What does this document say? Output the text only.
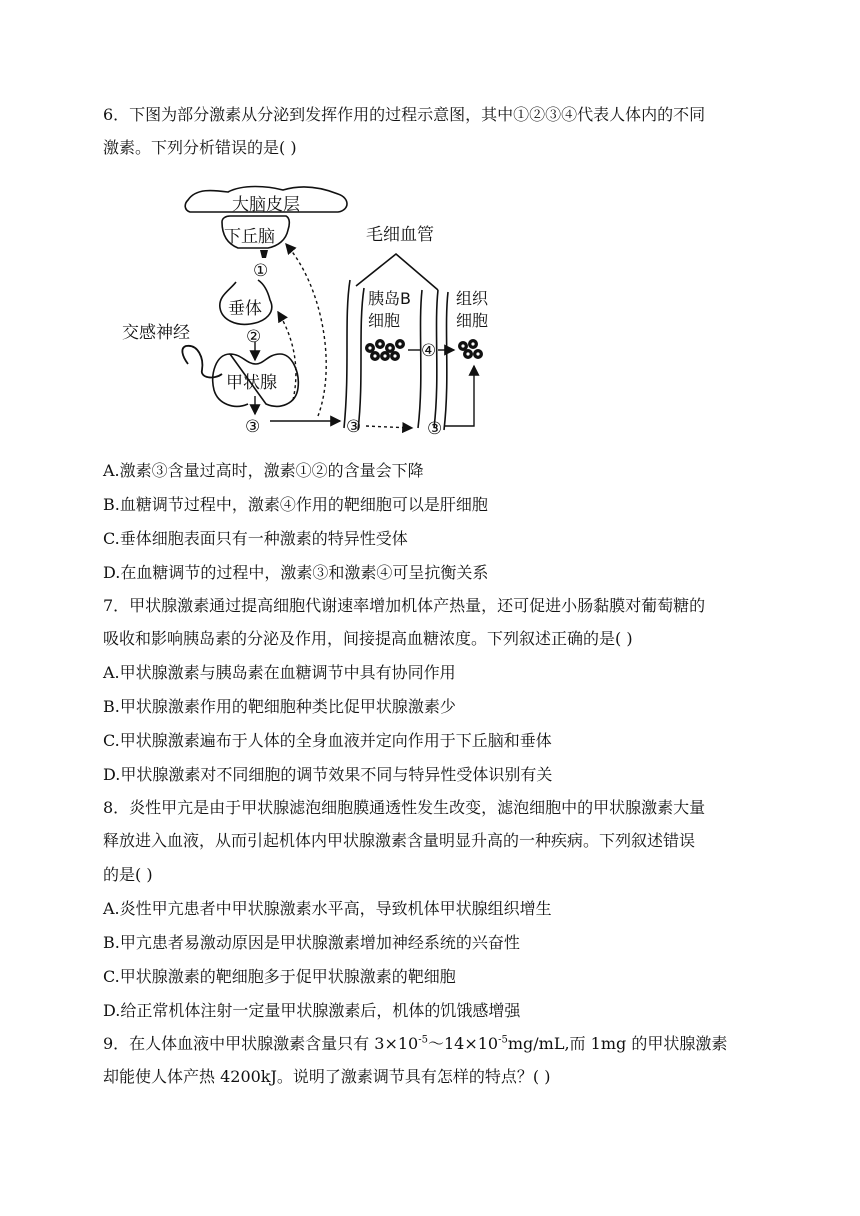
6．下图为部分激素从分泌到发挥作用的过程示意图，其中①②③④代表人体内的不同
激素。下列分析错误的是( )
大脑皮层
下丘脑
①
垂体
②
交感神经
甲状腺
③
毛细血管
胰岛B
细胞
④
组织
细胞
③	③
A.激素③含量过高时，激素①②的含量会下降
B.血糖调节过程中，激素④作用的靶细胞可以是肝细胞
C.垂体细胞表面只有一种激素的特异性受体
D.在血糖调节的过程中，激素③和激素④可呈抗衡关系
7．甲状腺激素通过提高细胞代谢速率增加机体产热量，还可促进小肠黏膜对葡萄糖的
吸收和影响胰岛素的分泌及作用，间接提高血糖浓度。下列叙述正确的是( )
A.甲状腺激素与胰岛素在血糖调节中具有协同作用
B.甲状腺激素作用的靶细胞种类比促甲状腺激素少
C.甲状腺激素遍布于人体的全身血液并定向作用于下丘脑和垂体
D.甲状腺激素对不同细胞的调节效果不同与特异性受体识别有关
8．炎性甲亢是由于甲状腺滤泡细胞膜通透性发生改变，滤泡细胞中的甲状腺激素大量
释放进入血液，从而引起机体内甲状腺激素含量明显升高的一种疾病。下列叙述错误
的是( )
A.炎性甲亢患者中甲状腺激素水平高，导致机体甲状腺组织增生
B.甲亢患者易激动原因是甲状腺激素增加神经系统的兴奋性
C.甲状腺激素的靶细胞多于促甲状腺激素的靶细胞
D.给正常机体注射一定量甲状腺激素后，机体的饥饿感增强
9．在人体血液中甲状腺激素含量只有 $3\times 10^{-5}\sim 14\times 10^{-5}mg/mL$,而 1mg 的甲状腺激素
却能使人体产热 4200kJ。说明了激素调节具有怎样的特点？( )
